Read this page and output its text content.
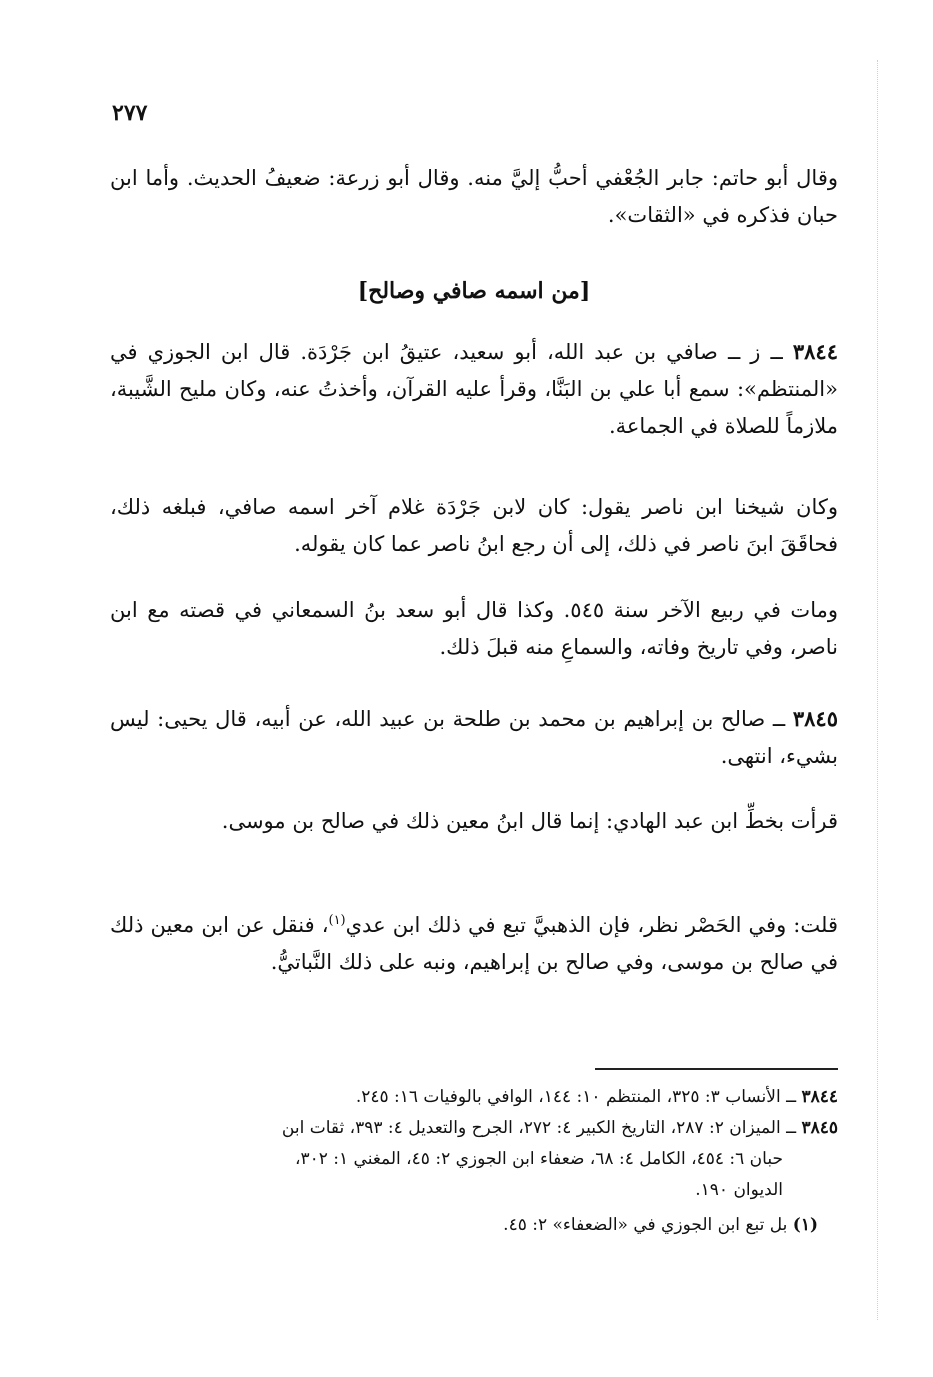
٢٧٧
وقال أبو حاتم: جابر الجُعْفي أحبُّ إليَّ منه. وقال أبو زرعة: ضعيفُ الحديث. وأما ابن حبان فذكره في «الثقات».
[من اسمه صافي وصالح]
٣٨٤٤ ــ ز ــ صافي بن عبد الله، أبو سعيد، عتيقُ ابن جَرْدَة. قال ابن الجوزي في «المنتظم»: سمع أبا علي بن البَنَّا، وقرأ عليه القرآن، وأخذتُ عنه، وكان مليح الشَّيبة، ملازماً للصلاة في الجماعة.
وكان شيخنا ابن ناصر يقول: كان لابن جَرْدَة غلام آخر اسمه صافي، فبلغه ذلك، فحاقَقَ ابنَ ناصر في ذلك، إلى أن رجع ابنُ ناصر عما كان يقوله.
ومات في ربيع الآخر سنة ٥٤٥. وكذا قال أبو سعد بنُ السمعاني في قصته مع ابن ناصر، وفي تاريخ وفاته، والسماعِ منه قبلَ ذلك.
٣٨٤٥ ــ صالح بن إبراهيم بن محمد بن طلحة بن عبيد الله، عن أبيه، قال يحيى: ليس بشيء، انتهى.
قرأت بخطِّ ابن عبد الهادي: إنما قال ابنُ معين ذلك في صالح بن موسى.
قلت: وفي الحَصْر نظر، فإن الذهبيَّ تبع في ذلك ابن عدي$^{(١)}$، فنقل عن ابن معين ذلك في صالح بن موسى، وفي صالح بن إبراهيم، ونبه على ذلك النَّباتيُّ.
٣٨٤٤ ــ الأنساب ٣: ٣٢٥، المنتظم ١٠: ١٤٤، الوافي بالوفيات ١٦: ٢٤٥.
٣٨٤٥ ــ الميزان ٢: ٢٨٧، التاريخ الكبير ٤: ٢٧٢، الجرح والتعديل ٤: ٣٩٣، ثقات ابن
حبان ٦: ٤٥٤، الكامل ٤: ٦٨، ضعفاء ابن الجوزي ٢: ٤٥، المغني ١: ٣٠٢،
الديوان ١٩٠.
(١) بل تبع ابن الجوزي في «الضعفاء» ٢: ٤٥.
